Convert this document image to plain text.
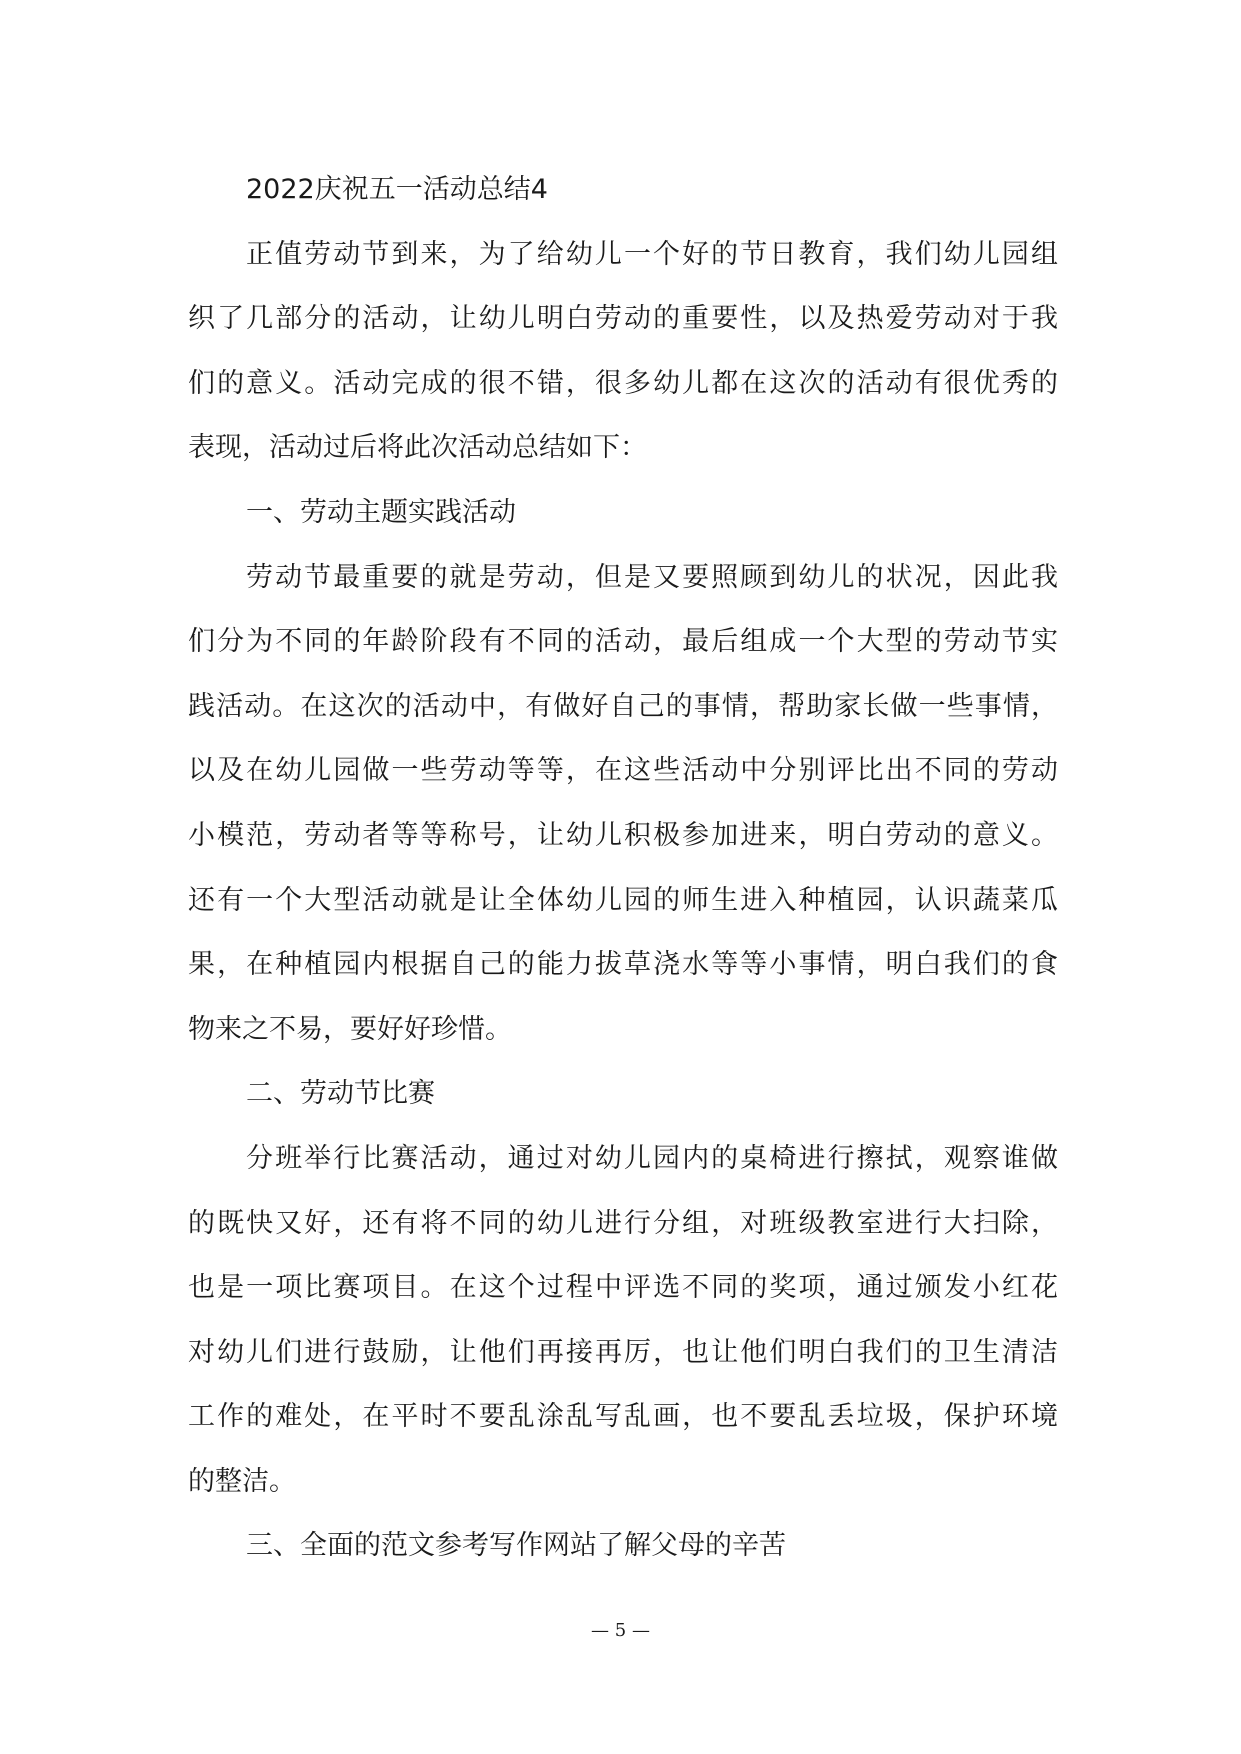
2022庆祝五一活动总结4
正值劳动节到来，为了给幼儿一个好的节日教育，我们幼儿园组
织了几部分的活动，让幼儿明白劳动的重要性，以及热爱劳动对于我
们的意义。活动完成的很不错，很多幼儿都在这次的活动有很优秀的
表现，活动过后将此次活动总结如下：
一、劳动主题实践活动
劳动节最重要的就是劳动，但是又要照顾到幼儿的状况，因此我
们分为不同的年龄阶段有不同的活动，最后组成一个大型的劳动节实
践活动。在这次的活动中，有做好自己的事情，帮助家长做一些事情，
以及在幼儿园做一些劳动等等，在这些活动中分别评比出不同的劳动
小模范，劳动者等等称号，让幼儿积极参加进来，明白劳动的意义。
还有一个大型活动就是让全体幼儿园的师生进入种植园，认识蔬菜瓜
果，在种植园内根据自己的能力拔草浇水等等小事情，明白我们的食
物来之不易，要好好珍惜。
二、劳动节比赛
分班举行比赛活动，通过对幼儿园内的桌椅进行擦拭，观察谁做
的既快又好，还有将不同的幼儿进行分组，对班级教室进行大扫除，
也是一项比赛项目。在这个过程中评选不同的奖项，通过颁发小红花
对幼儿们进行鼓励，让他们再接再厉，也让他们明白我们的卫生清洁
工作的难处，在平时不要乱涂乱写乱画，也不要乱丢垃圾，保护环境
的整洁。
三、全面的范文参考写作网站了解父母的辛苦
— 5 —
